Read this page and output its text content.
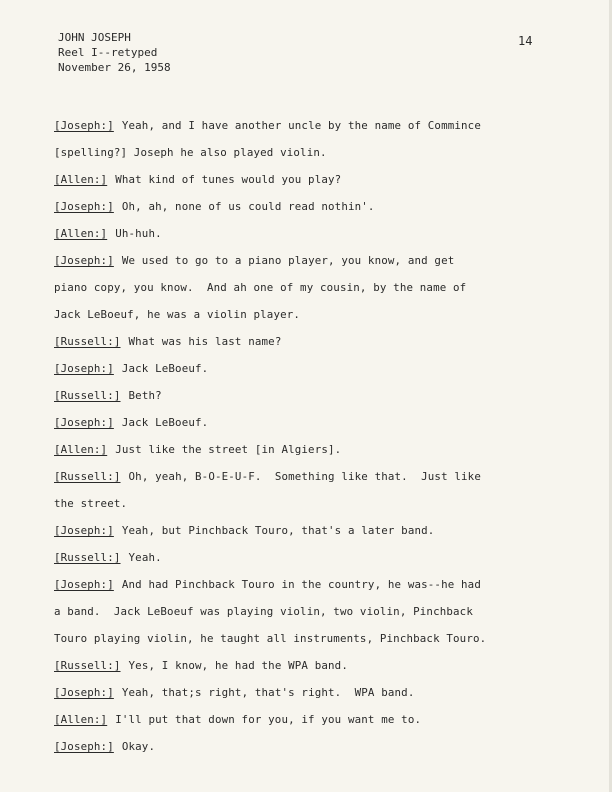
JOHN JOSEPH
Reel I--retyped
November 26, 1958
14
[Joseph:] Yeah, and I have another uncle by the name of Commince
[spelling?] Joseph he also played violin.
[Allen:] What kind of tunes would you play?
[Joseph:] Oh, ah, none of us could read nothin'.
[Allen:] Uh-huh.
[Joseph:] We used to go to a piano player, you know, and get
piano copy, you know.  And ah one of my cousin, by the name of
Jack LeBoeuf, he was a violin player.
[Russell:] What was his last name?
[Joseph:] Jack LeBoeuf.
[Russell:] Beth?
[Joseph:] Jack LeBoeuf.
[Allen:] Just like the street [in Algiers].
[Russell:] Oh, yeah, B-O-E-U-F.  Something like that.  Just like
the street.
[Joseph:] Yeah, but Pinchback Touro, that's a later band.
[Russell:] Yeah.
[Joseph:] And had Pinchback Touro in the country, he was--he had
a band.  Jack LeBoeuf was playing violin, two violin, Pinchback
Touro playing violin, he taught all instruments, Pinchback Touro.
[Russell:] Yes, I know, he had the WPA band.
[Joseph:] Yeah, that;s right, that's right.  WPA band.
[Allen:] I'll put that down for you, if you want me to.
[Joseph:] Okay.
